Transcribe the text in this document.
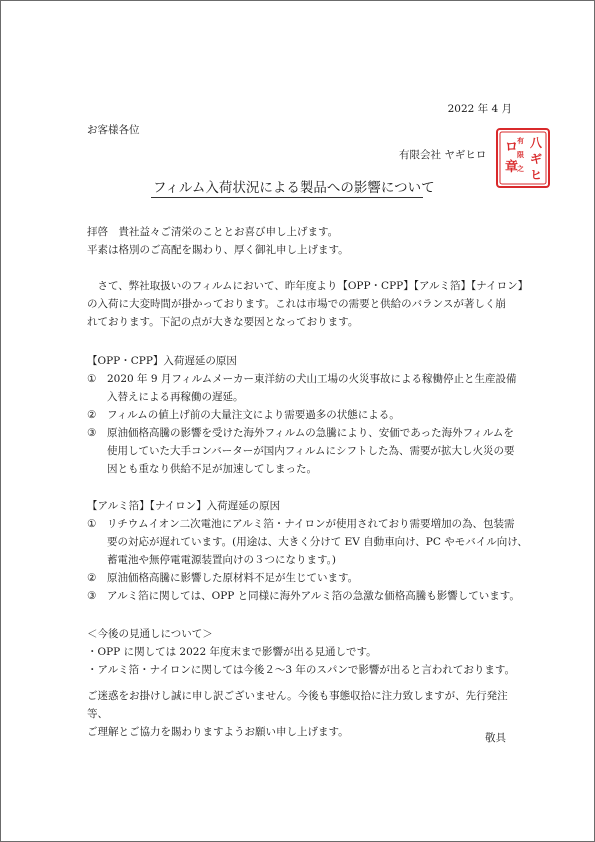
2022 年 4 月
お客様各位
有限会社 ヤギヒロ
八
ギ
ヒ
ロ
章
有
限
之
フィルム入荷状況による製品への影響について

拝啓　貴社益々ご清栄のこととお喜び申し上げます。

平素は格別のご高配を賜わり、厚く御礼申し上げます。

　さて、弊社取扱いのフィルムにおいて、昨年度より【OPP・CPP】【アルミ箔】【ナイロン】

の入荷に大変時間が掛かっております。これは市場での需要と供給のバランスが著しく崩

れております。下記の点が大きな要因となっております。

【OPP・CPP】入荷遅延の原因
①	2020 年 9 月フィルムメーカー東洋紡の犬山工場の火災事故による稼働停止と生産設備
入替えによる再稼働の遅延。
②	フィルムの値上げ前の大量注文により需要過多の状態による。
③	原油価格高騰の影響を受けた海外フィルムの急騰により、安価であった海外フィルムを
使用していた大手コンバーターが国内フィルムにシフトした為、需要が拡大し火災の要
因とも重なり供給不足が加速してしまった。
【アルミ箔】【ナイロン】入荷遅延の原因
①	リチウムイオン二次電池にアルミ箔・ナイロンが使用されており需要増加の為、包装需
要の対応が遅れています。(用途は、大きく分けて EV 自動車向け、PC やモバイル向け、
蓄電池や無停電電源装置向けの３つになります。)
②	原油価格高騰に影響した原材料不足が生じています。
③	アルミ箔に関しては、OPP と同様に海外アルミ箔の急激な価格高騰も影響しています。
＜今後の見通しについて＞
・OPP に関しては 2022 年度末まで影響が出る見通しです。
・アルミ箔・ナイロンに関しては今後２～3 年のスパンで影響が出ると言われております。

ご迷惑をお掛けし誠に申し訳ございません。今後も事態収拾に注力致しますが、先行発注等、

ご理解とご協力を賜わりますようお願い申し上げます。	敬具
